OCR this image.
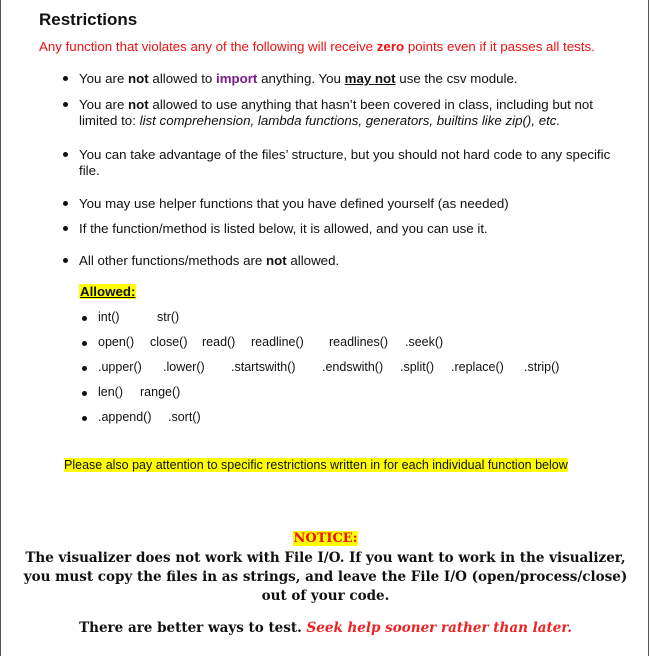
Restrictions
Any function that violates any of the following will receive zero points even if it passes all tests.
You are not allowed to import anything. You may not use the csv module.
You are not allowed to use anything that hasn’t been covered in class, including but not limited to: list comprehension, lambda functions, generators, builtins like zip(), etc.
You can take advantage of the files’ structure, but you should not hard code to any specific file.
You may use helper functions that you have defined yourself (as needed)
If the function/method is listed below, it is allowed, and you can use it.
All other functions/methods are not allowed.
Allowed:
int()	str()
open() close() read() readline() readlines() .seek()
.upper() .lower() .startswith() .endswith() .split() .replace() .strip()
len() range()
.append() .sort()
Please also pay attention to specific restrictions written in for each individual function below
NOTICE:
The visualizer does not work with File I/O. If you want to work in the visualizer, you must copy the files in as strings, and leave the File I/O (open/process/close) out of your code.
There are better ways to test. Seek help sooner rather than later.
